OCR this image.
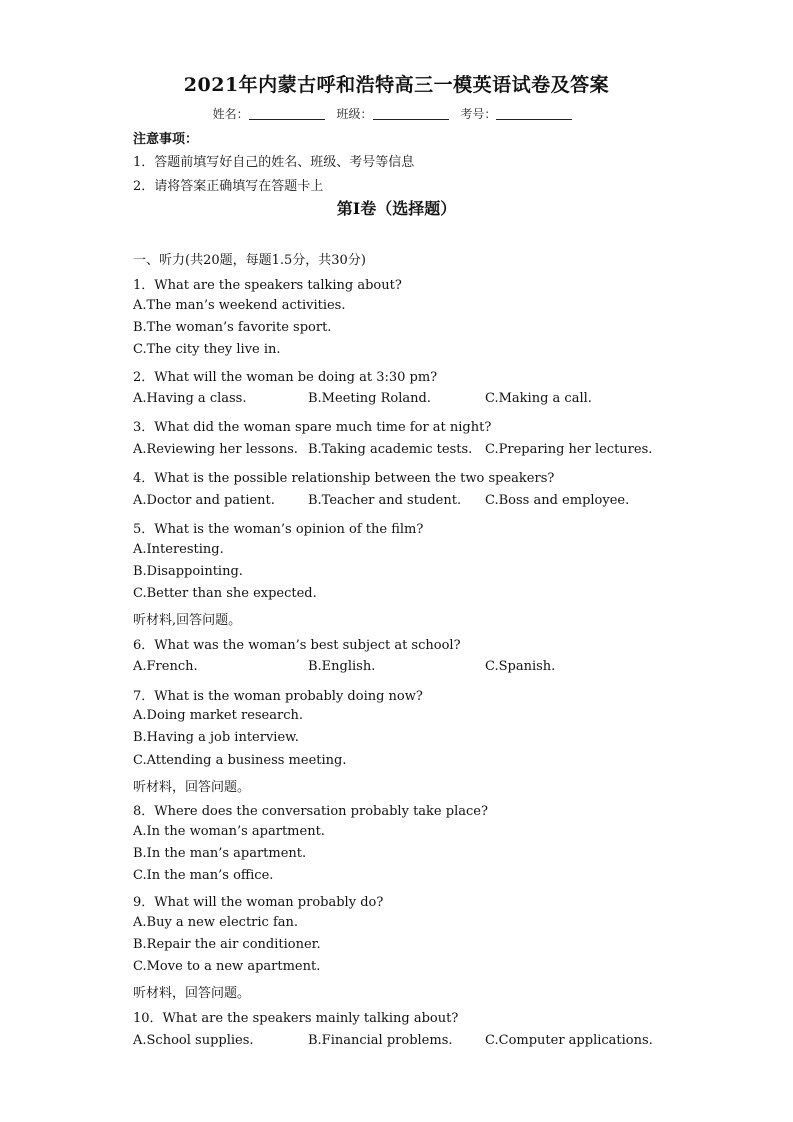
2021年内蒙古呼和浩特高三一模英语试卷及答案
姓名：	班级：	考号：
注意事项：
1．答题前填写好自己的姓名、班级、考号等信息
2．请将答案正确填写在答题卡上
第I卷（选择题）
一、听力(共20题，每题1.5分，共30分)
1．What are the speakers talking about?
A.The man’s weekend activities.
B.The woman’s favorite sport.
C.The city they live in.
2．What will the woman be doing at 3:30 pm?
A.Having a class.	B.Meeting Roland.	C.Making a call.
3．What did the woman spare much time for at night?
A.Reviewing her lessons. B.Taking academic tests. C.Preparing her lectures.
4．What is the possible relationship between the two speakers?
A.Doctor and patient.	B.Teacher and student. C.Boss and employee.
5．What is the woman’s opinion of the film?
A.Interesting.
B.Disappointing.
C.Better than she expected.
听材料,回答问题。
6．What was the woman’s best subject at school?
A.French.	B.English.	C.Spanish.
7．What is the woman probably doing now?
A.Doing market research.
B.Having a job interview.
C.Attending a business meeting.
听材料，回答问题。
8．Where does the conversation probably take place?
A.In the woman’s apartment.
B.In the man’s apartment.
C.In the man’s office.
9．What will the woman probably do?
A.Buy a new electric fan.
B.Repair the air conditioner.
C.Move to a new apartment.
听材料，回答问题。
10．What are the speakers mainly talking about?
A.School supplies.	B.Financial problems. C.Computer applications.
